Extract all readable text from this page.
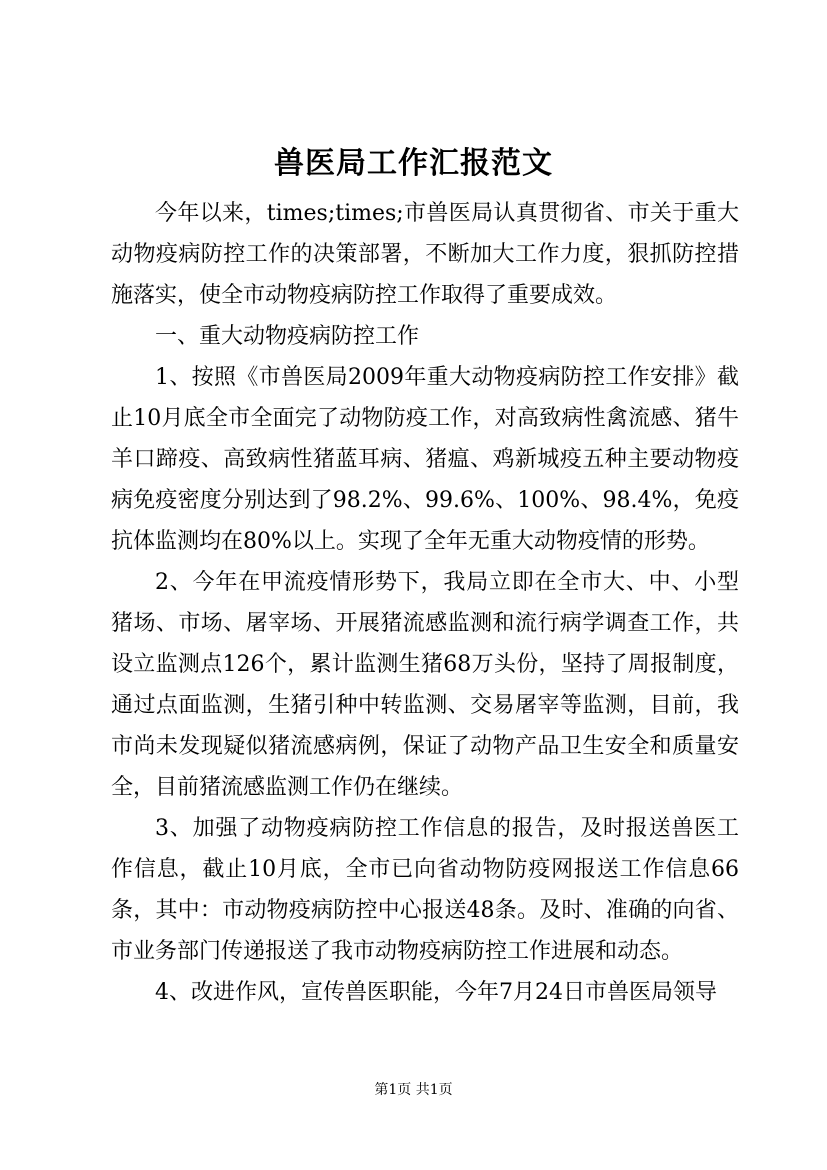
兽医局工作汇报范文

今年以来，times;times;市兽医局认真贯彻省、市关于重大动物疫病防控工作的决策部署，不断加大工作力度，狠抓防控措施落实，使全市动物疫病防控工作取得了重要成效。

一、重大动物疫病防控工作

1、按照《市兽医局2009年重大动物疫病防控工作安排》截止10月底全市全面完了动物防疫工作，对高致病性禽流感、猪牛羊口蹄疫、高致病性猪蓝耳病、猪瘟、鸡新城疫五种主要动物疫病免疫密度分别达到了98.2%、99.6%、100%、98.4%，免疫抗体监测均在80%以上。实现了全年无重大动物疫情的形势。

2、今年在甲流疫情形势下，我局立即在全市大、中、小型猪场、市场、屠宰场、开展猪流感监测和流行病学调查工作，共设立监测点126个，累计监测生猪68万头份，坚持了周报制度，通过点面监测，生猪引种中转监测、交易屠宰等监测，目前，我市尚未发现疑似猪流感病例，保证了动物产品卫生安全和质量安全，目前猪流感监测工作仍在继续。

3、加强了动物疫病防控工作信息的报告，及时报送兽医工作信息，截止10月底，全市已向省动物防疫网报送工作信息66条，其中：市动物疫病防控中心报送48条。及时、准确的向省、市业务部门传递报送了我市动物疫病防控工作进展和动态。

4、改进作风，宣传兽医职能，今年7月24日市兽医局领导

第1页 共1页
